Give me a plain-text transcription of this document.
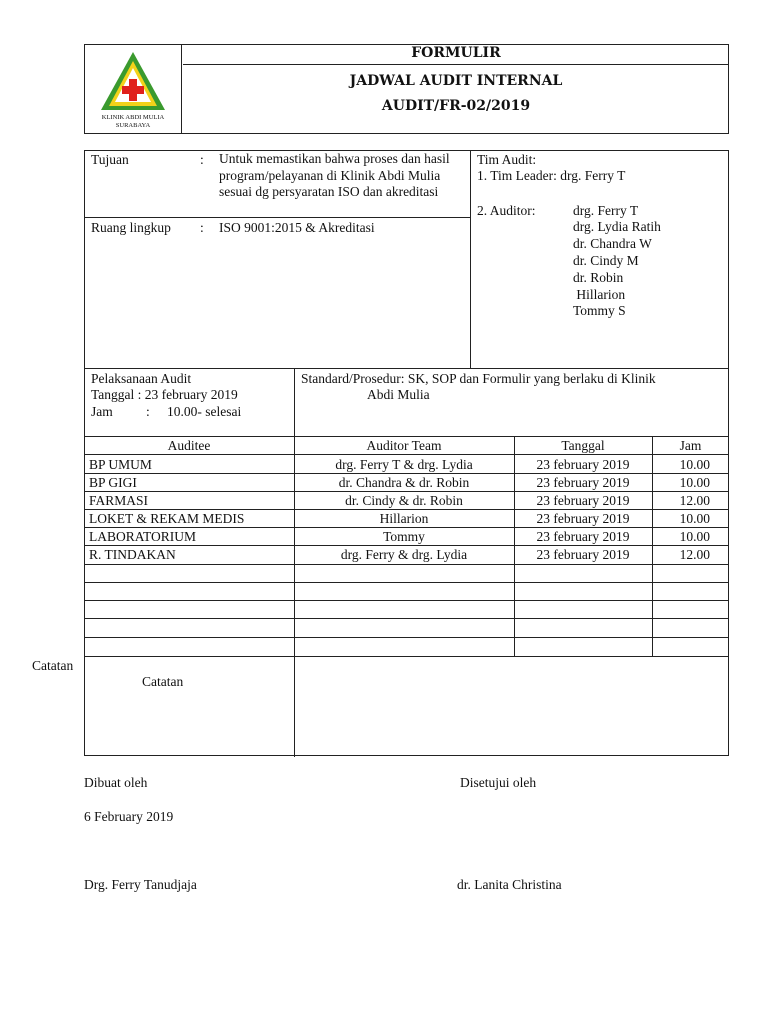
KLINIK ABDI MULIA
SURABAYA
FORMULIR
JADWAL AUDIT INTERNAL
AUDIT/FR-02/2019
Tujuan	: Untuk memastikan bahwa proses dan hasil program/pelayanan di Klinik Abdi Mulia sesuai dg persyaratan ISO dan akreditasi
Ruang lingkup : ISO 9001:2015 & Akreditasi
Tim Audit:
1. Tim Leader: drg. Ferry T
2. Auditor:	drg. Ferry T
drg. Lydia Ratih
dr. Chandra W
dr. Cindy M
dr. Robin
Hillarion
Tommy S
Pelaksanaan Audit
Tanggal : 23 february 2019
Jam : 10.00- selesai
Standard/Prosedur: SK, SOP dan Formulir yang berlaku di Klinik
Abdi Mulia
Auditee	Auditor Team	Tanggal	Jam
BP UMUM	drg. Ferry T & drg. Lydia	23 february 2019	10.00
BP GIGI	dr. Chandra & dr. Robin	23 february 2019	10.00
FARMASI	dr. Cindy & dr. Robin	23 february 2019	12.00
LOKET & REKAM MEDIS	Hillarion	23 february 2019	10.00
LABORATORIUM	Tommy	23 february 2019	10.00
R. TINDAKAN	drg. Ferry & drg. Lydia	23 february 2019	12.00
Catatan
Catatan
Dibuat oleh	Disetujui oleh
6 February 2019
Drg. Ferry Tanudjaja	dr. Lanita Christina
